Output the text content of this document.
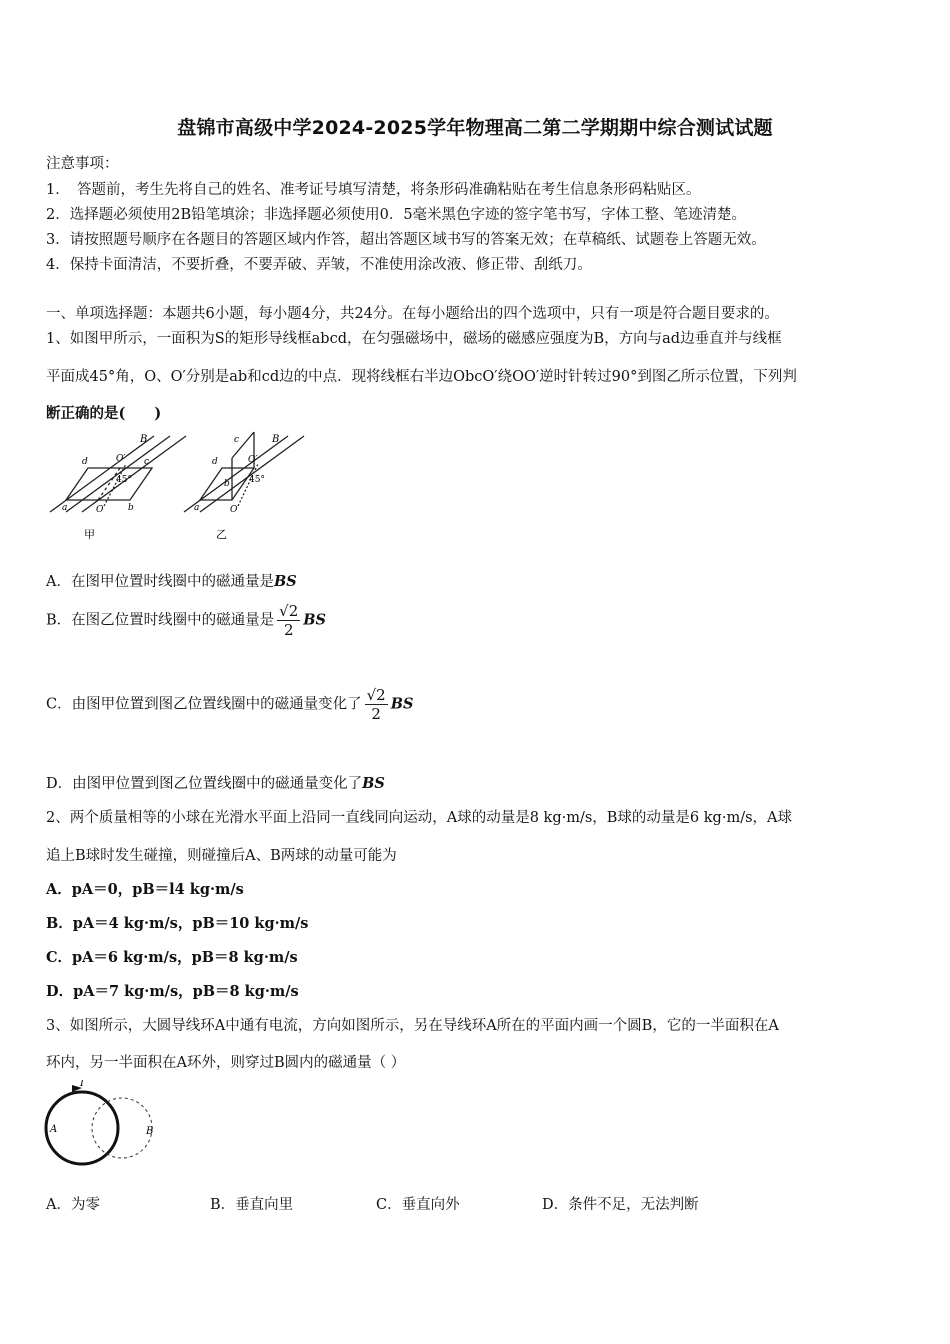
盘锦市高级中学2024-2025学年物理高二第二学期期中综合测试试题
注意事项：
1．　答题前，考生先将自己的姓名、准考证号填写清楚，将条形码准确粘贴在考生信息条形码粘贴区。
2．选择题必须使用2B铅笔填涂；非选择题必须使用0．5毫米黑色字迹的签字笔书写，字体工整、笔迹清楚。
3．请按照题号顺序在各题目的答题区域内作答，超出答题区域书写的答案无效；在草稿纸、试题卷上答题无效。
4．保持卡面清洁，不要折叠，不要弄破、弄皱，不准使用涂改液、修正带、刮纸刀。
一、单项选择题：本题共6小题，每小题4分，共24分。在每小题给出的四个选项中，只有一项是符合题目要求的。
1、如图甲所示，一面积为S的矩形导线框abcd，在匀强磁场中，磁场的磁感应强度为B，方向与ad边垂直并与线框
平面成45°角，O、O′分别是ab和cd边的中点．现将线框右半边ObcO′绕OO′逆时针转过90°到图乙所示位置，下列判
断正确的是(　　)
B	B
d	c
O′
45°
a	O	b
c
O′
d
45°
b
a	O
甲	乙
A．在图甲位置时线圈中的磁通量是BS
B．在图乙位置时线圈中的磁通量是 $\frac{√2}{2}$ BS
C．由图甲位置到图乙位置线圈中的磁通量变化了 $\frac{√2}{2}$ BS
D．由图甲位置到图乙位置线圈中的磁通量变化了BS
2、两个质量相等的小球在光滑水平面上沿同一直线同向运动，A球的动量是8 kg·m/s，B球的动量是6 kg·m/s，A球
追上B球时发生碰撞，则碰撞后A、B两球的动量可能为
A．pA＝0，pB＝l4 kg·m/s
B．pA＝4 kg·m/s，pB＝10 kg·m/s
C．pA＝6 kg·m/s，pB＝8 kg·m/s
D．pA＝7 kg·m/s，pB＝8 kg·m/s
3、如图所示，大圆导线环A中通有电流，方向如图所示，另在导线环A所在的平面内画一个圆B，它的一半面积在A
环内，另一半面积在A环外，则穿过B圆内的磁通量（ ）
I
A	B
A．为零	B．垂直向里	C．垂直向外	D．条件不足，无法判断
